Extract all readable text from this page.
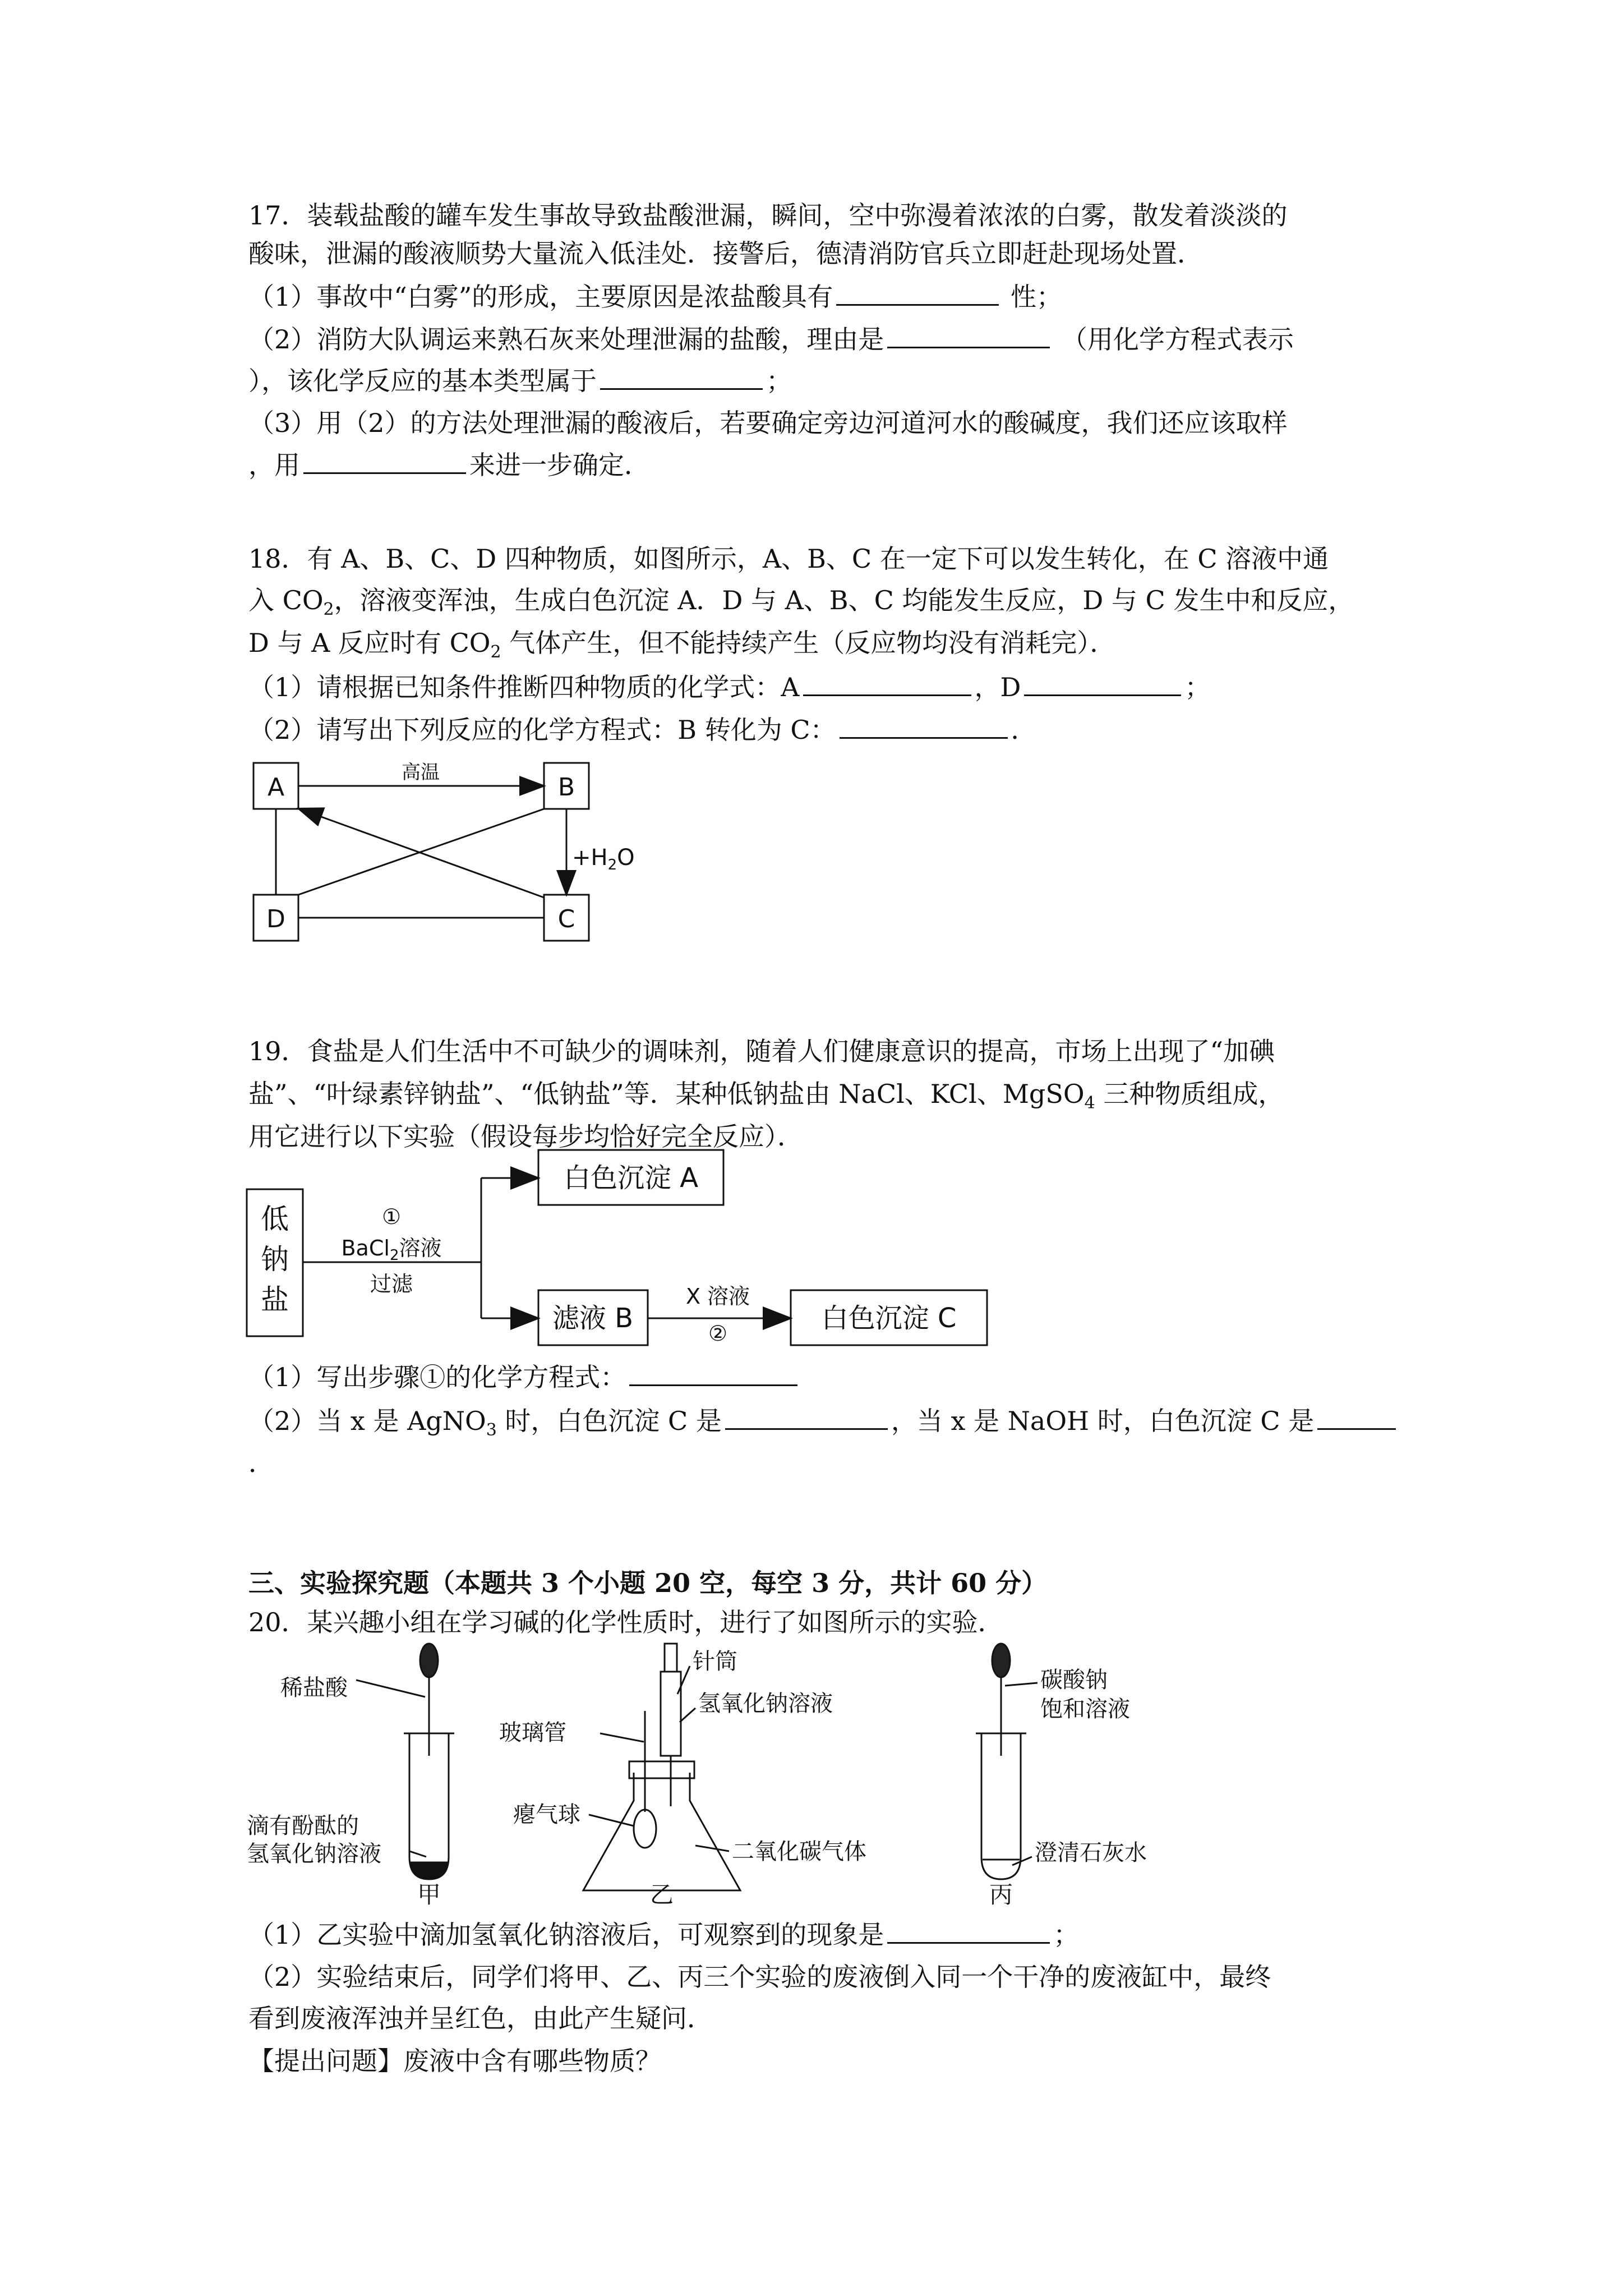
17．装载盐酸的罐车发生事故导致盐酸泄漏，瞬间，空中弥漫着浓浓的白雾，散发着淡淡的
酸味，泄漏的酸液顺势大量流入低洼处．接警后，德清消防官兵立即赶赴现场处置．
（1）事故中“白雾”的形成，主要原因是浓盐酸具有	性；
（2）消防大队调运来熟石灰来处理泄漏的盐酸，理由是	（用化学方程式表示
），该化学反应的基本类型属于	；
（3）用（2）的方法处理泄漏的酸液后，若要确定旁边河道河水的酸碱度，我们还应该取样
，用	来进一步确定．
18．有 A、B、C、D 四种物质，如图所示，A、B、C 在一定下可以发生转化，在 C 溶液中通
入 $CO_2$，溶液变浑浊，生成白色沉淀 A．D 与 A、B、C 均能发生反应，D 与 C 发生中和反应，
D 与 A 反应时有 $CO_2$ 气体产生，但不能持续产生（反应物均没有消耗完）．
（1）请根据已知条件推断四种物质的化学式：A	，D	；
（2）请写出下列反应的化学方程式：B 转化为 C：	．
A	B
D	C
高温
$+H_2O$
19．食盐是人们生活中不可缺少的调味剂，随着人们健康意识的提高，市场上出现了“加碘
盐”、“叶绿素锌钠盐”、“低钠盐”等．某种低钠盐由 NaCl、KCl、MgSO$_4$ 三种物质组成，
用它进行以下实验（假设每步均恰好完全反应）．
低
钠
盐
①
BaCl$_2$溶液
过滤
白色沉淀 A
滤液 B
X 溶液
②	白色沉淀 C
（1）写出步骤①的化学方程式：
（2）当 x 是 AgNO$_3$ 时，白色沉淀 C 是	，当 x 是 NaOH 时，白色沉淀 C 是
．
三、实验探究题（本题共 3 个小题 20 空，每空 3 分，共计 60 分）
20．某兴趣小组在学习碱的化学性质时，进行了如图所示的实验．
稀盐酸
滴有酚酞的
氢氧化钠溶液
甲
针筒
氢氧化钠溶液
玻璃管
瘪气球
二氧化碳气体
乙
碳酸钠
饱和溶液
澄清石灰水
丙
（1）乙实验中滴加氢氧化钠溶液后，可观察到的现象是	；
（2）实验结束后，同学们将甲、乙、丙三个实验的废液倒入同一个干净的废液缸中，最终
看到废液浑浊并呈红色，由此产生疑问．
【提出问题】废液中含有哪些物质？
